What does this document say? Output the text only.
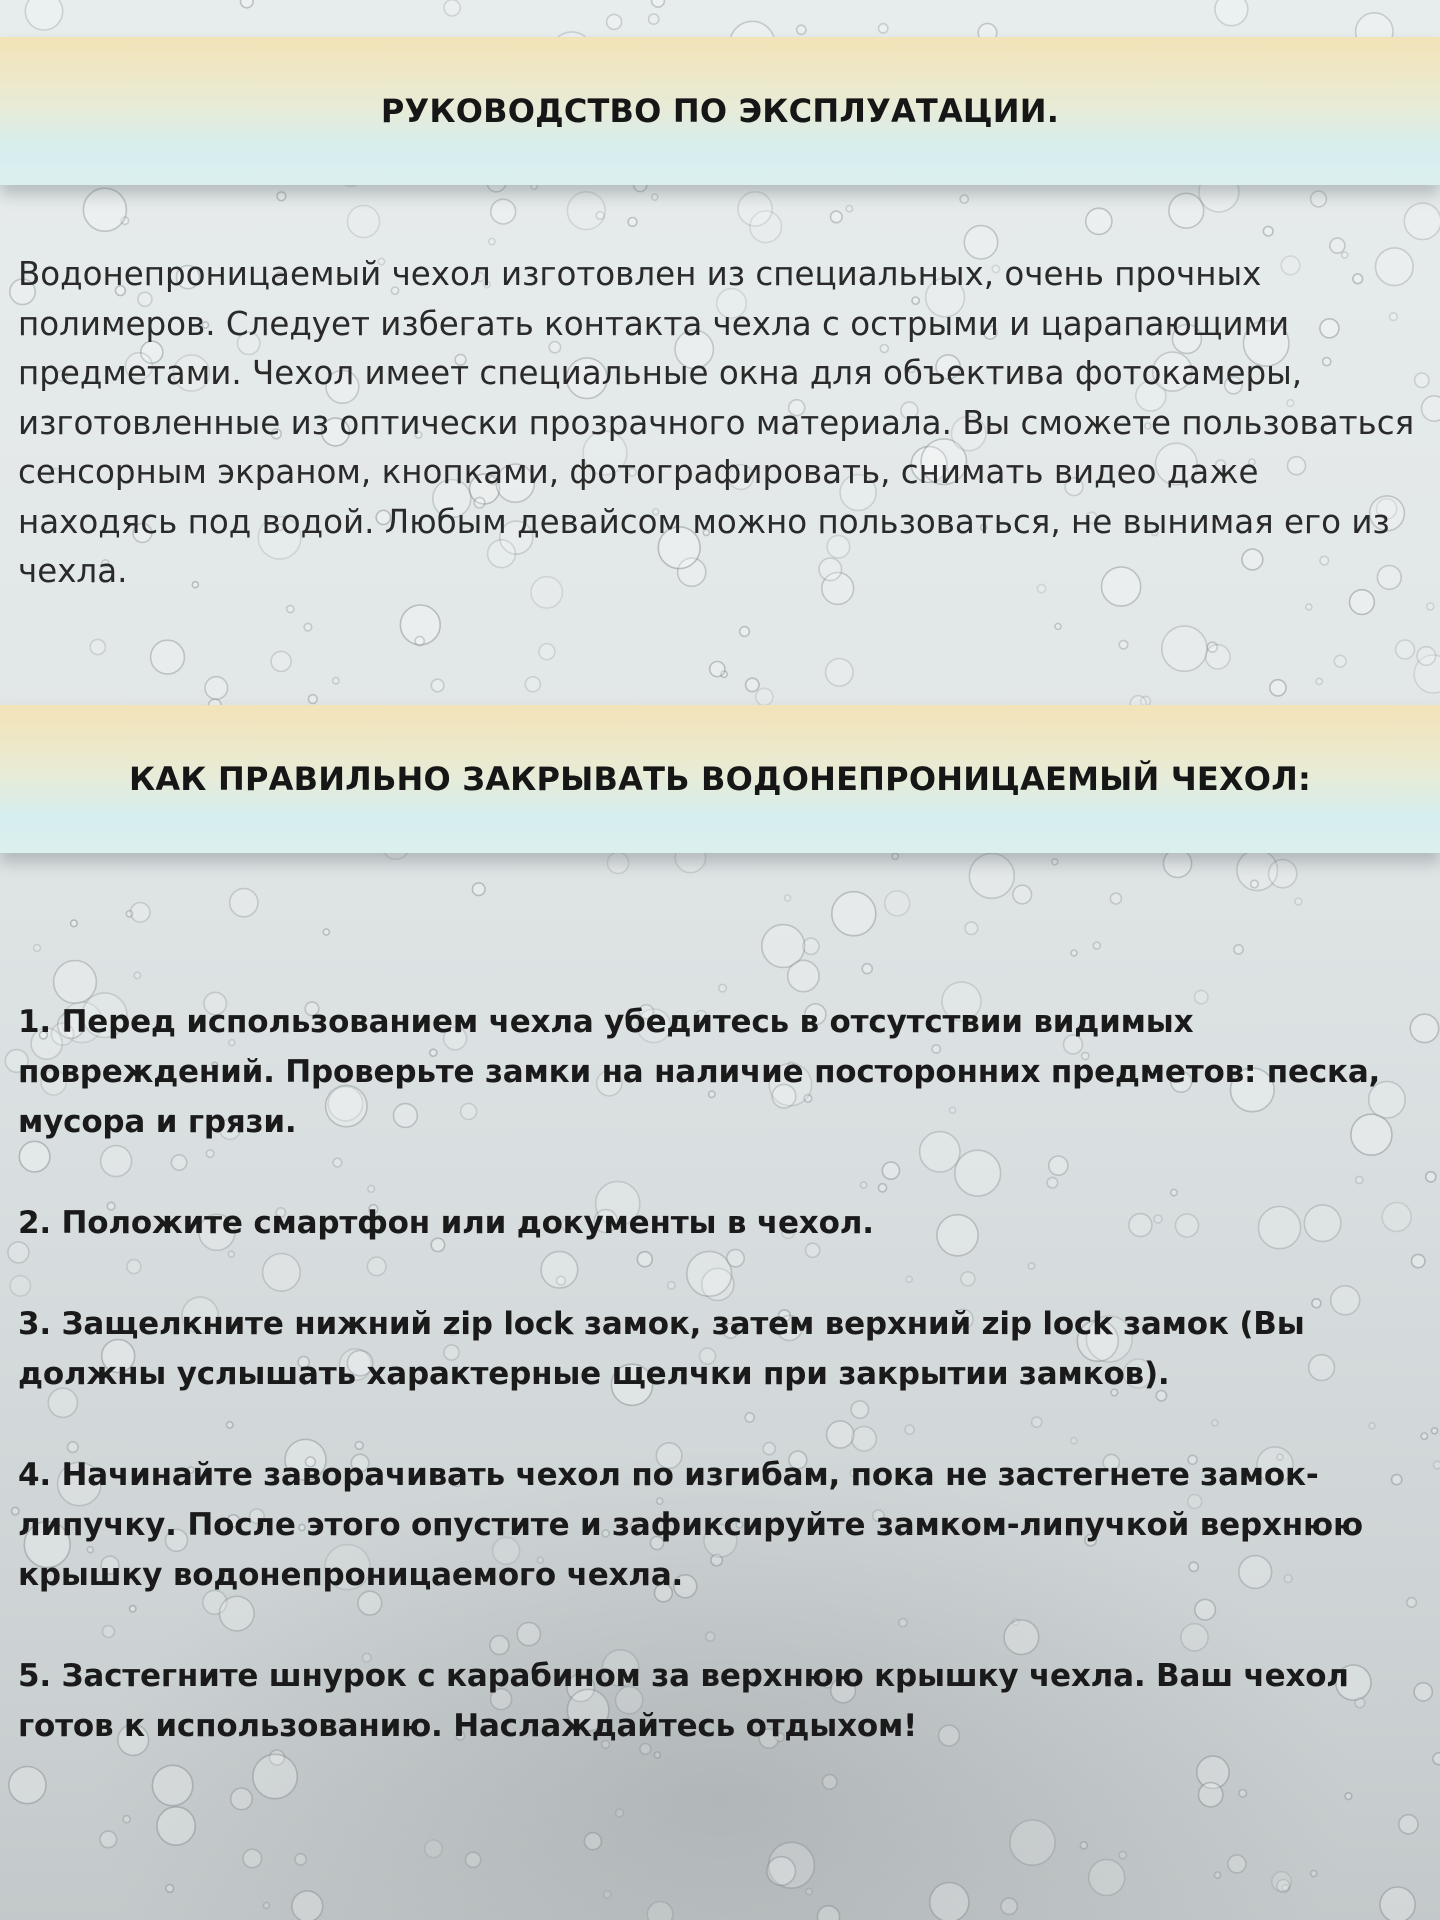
РУКОВОДСТВО ПО ЭКСПЛУАТАЦИИ.

Водонепроницаемый чехол изготовлен из специальных, очень прочных полимеров. Следует избегать контакта чехла с острыми и царапающими предметами. Чехол имеет специальные окна для объектива фотокамеры, изготовленные из оптически прозрачного материала. Вы сможете пользоваться сенсорным экраном, кнопками, фотографировать, снимать видео даже находясь под водой. Любым девайсом можно пользоваться, не вынимая его из чехла.

КАК ПРАВИЛЬНО ЗАКРЫВАТЬ ВОДОНЕПРОНИЦАЕМЫЙ ЧЕХОЛ:
1. Перед использованием чехла убедитесь в отсутствии видимых повреждений. Проверьте замки на наличие посторонних предметов: песка, мусора и грязи.
2. Положите смартфон или документы в чехол.
3. Защелкните нижний zip lock замок, затем верхний zip lock замок (Вы должны услышать характерные щелчки при закрытии замков).
4. Начинайте заворачивать чехол по изгибам, пока не застегнете замок-липучку. После этого опустите и зафиксируйте замком-липучкой верхнюю крышку водонепроницаемого чехла.
5. Застегните шнурок с карабином за верхнюю крышку чехла. Ваш чехол готов к использованию. Наслаждайтесь отдыхом!
